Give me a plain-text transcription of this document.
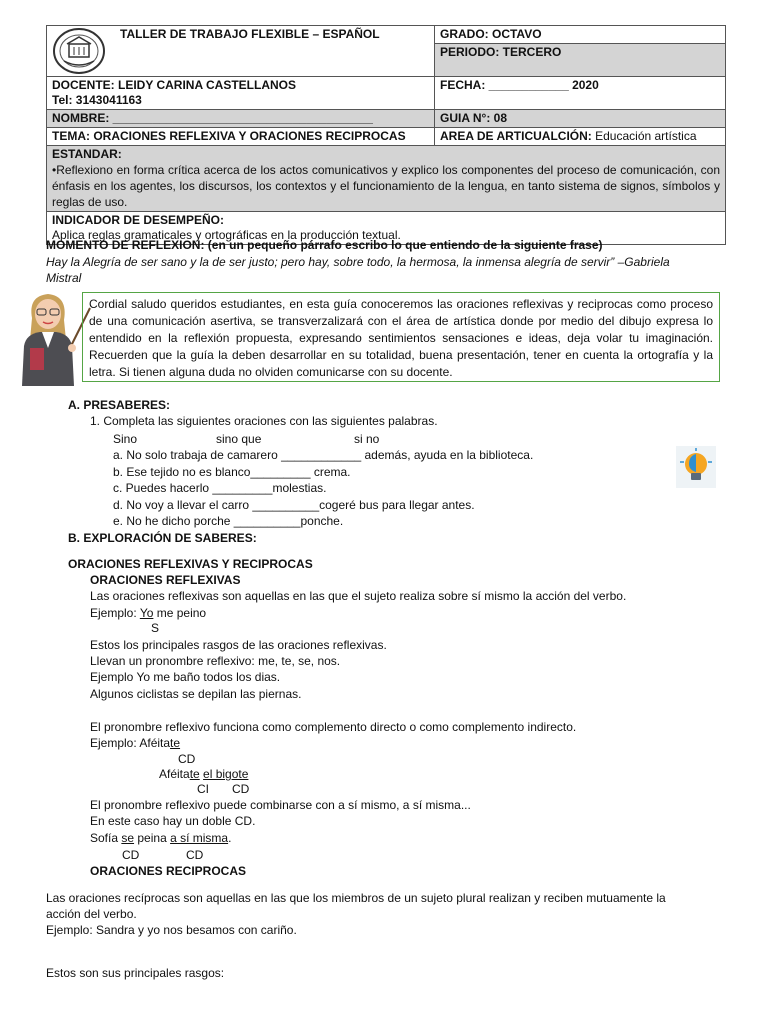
TALLER DE TRABAJO FLEXIBLE – ESPAÑOL	GRADO: OCTAVO
	PERIODO: TERCERO

DOCENTE: LEIDY CARINA CASTELLANOS
Tel: 3143041163	FECHA: ____________ 2020
NOMBRE: _______________________________________	GUIA N°: 08
TEMA: ORACIONES REFLEXIVA Y ORACIONES RECIPROCAS	AREA DE ARTICUALCIÓN: Educación artística

ESTANDAR:
•Reflexiono en forma crítica acerca de los actos comunicativos y explico los componentes del proceso de comunicación, con énfasis en los agentes, los discursos, los contextos y el funcionamiento de la lengua, en tanto sistema de signos, símbolos y reglas de uso.	

INDICADOR DE DESEMPEÑO:
Aplica reglas gramaticales y ortográficas en la producción textual.	
MOMENTO DE REFLEXION: (en un pequeño párrafo escribo lo que entiendo de la siguiente frase)
Hay la Alegría de ser sano y la de ser justo; pero hay, sobre todo, la hermosa, la inmensa alegría de servir” –Gabriela
Mistral
Cordial saludo queridos estudiantes, en esta guía conoceremos las oraciones reflexivas y reciprocas como proceso de una comunicación asertiva, se transverzalizará con el área de artística donde por medio del dibujo expresa lo entendido en la reflexión propuesta, expresando sentimientos sensaciones e ideas, deja volar tu imaginación. Recuerden que la guía la deben desarrollar en su totalidad, buena presentación, tener en cuenta la ortografía y la letra. Si tienen alguna duda no olviden comunicarse con su docente.
A. PRESABERES:
1. Completa las siguientes oraciones con las siguientes palabras.
Sino	sino que	si no
a. No solo trabaja de camarero ____________ además, ayuda en la biblioteca.
b. Ese tejido no es blanco_________ crema.
c. Puedes hacerlo _________molestias.
d. No voy a llevar el carro __________cogeré bus para llegar antes.
e. No he dicho porche __________ponche.
B. EXPLORACIÓN DE SABERES:
ORACIONES REFLEXIVAS Y RECIPROCAS
ORACIONES REFLEXIVAS
Las oraciones reflexivas son aquellas en las que el sujeto realiza sobre sí mismo la acción del verbo.
Ejemplo: Yo me peino
S
Estos los principales rasgos de las oraciones reflexivas.
Llevan un pronombre reflexivo: me, te, se, nos.
Ejemplo Yo me baño todos los dias.
Algunos ciclistas se depilan las piernas.
El pronombre reflexivo funciona como complemento directo o como complemento indirecto.
Ejemplo: Aféitate
CD
Aféitate el bigote
CI CD
El pronombre reflexivo puede combinarse con a sí mismo, a sí misma...
En este caso hay un doble CD.
Sofía se peina a sí misma.
CD	CD
ORACIONES RECIPROCAS
Las oraciones recíprocas son aquellas en las que los miembros de un sujeto plural realizan y reciben mutuamente la
acción del verbo.
Ejemplo: Sandra y yo nos besamos con cariño.
Estos son sus principales rasgos:
